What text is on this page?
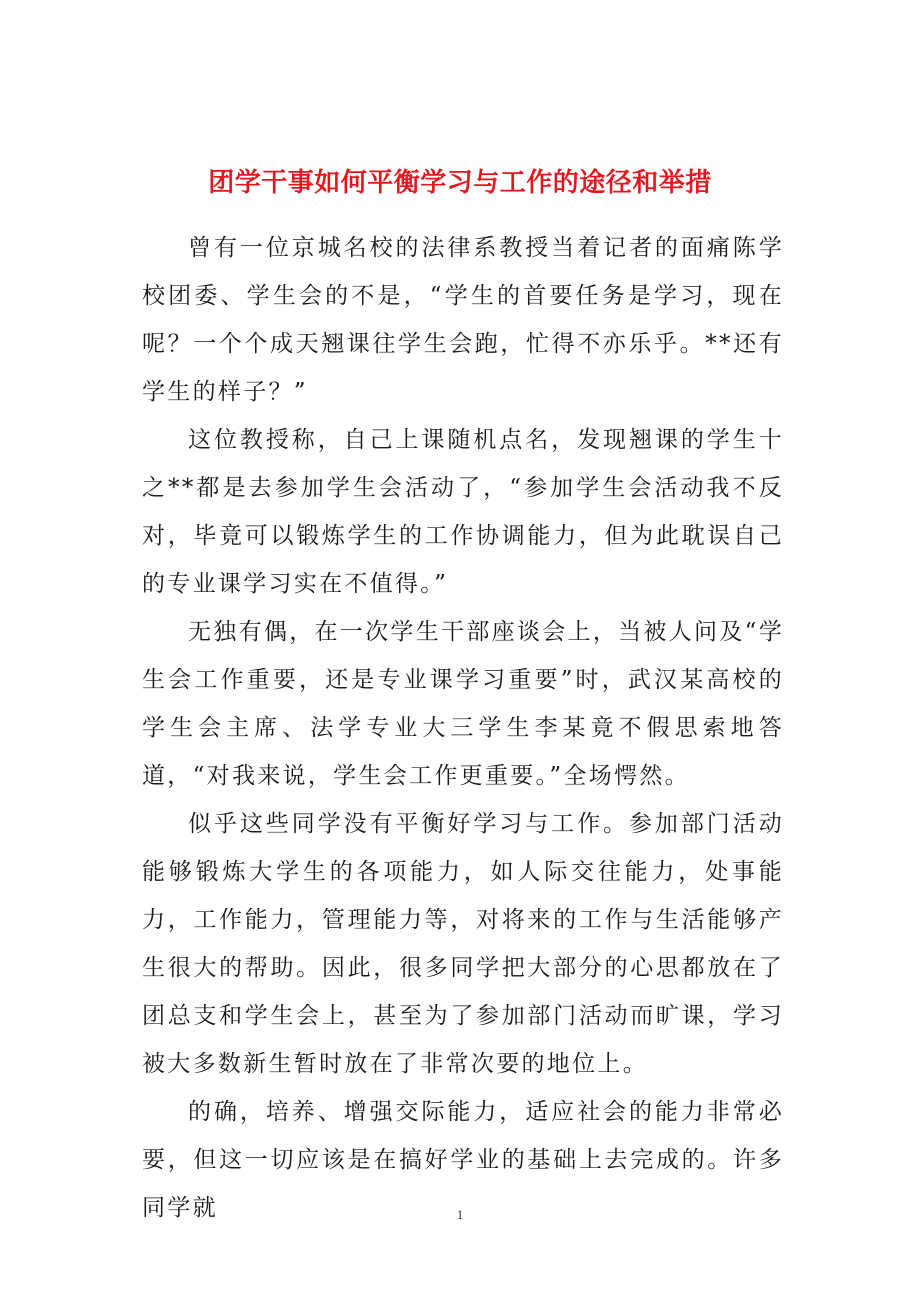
团学干事如何平衡学习与工作的途径和举措

曾有一位京城名校的法律系教授当着记者的面痛陈学校团委、学生会的不是，“学生的首要任务是学习，现在呢？一个个成天翘课往学生会跑，忙得不亦乐乎。**还有学生的样子？”

这位教授称，自己上课随机点名，发现翘课的学生十之**都是去参加学生会活动了，“参加学生会活动我不反对，毕竟可以锻炼学生的工作协调能力，但为此耽误自己的专业课学习实在不值得。”

无独有偶，在一次学生干部座谈会上，当被人问及“学生会工作重要，还是专业课学习重要”时，武汉某高校的学生会主席、法学专业大三学生李某竟不假思索地答道，“对我来说，学生会工作更重要。”全场愕然。

似乎这些同学没有平衡好学习与工作。参加部门活动能够锻炼大学生的各项能力，如人际交往能力，处事能力，工作能力，管理能力等，对将来的工作与生活能够产生很大的帮助。因此，很多同学把大部分的心思都放在了团总支和学生会上，甚至为了参加部门活动而旷课，学习被大多数新生暂时放在了非常次要的地位上。

的确，培养、增强交际能力，适应社会的能力非常必要，但这一切应该是在搞好学业的基础上去完成的。许多同学就	1
